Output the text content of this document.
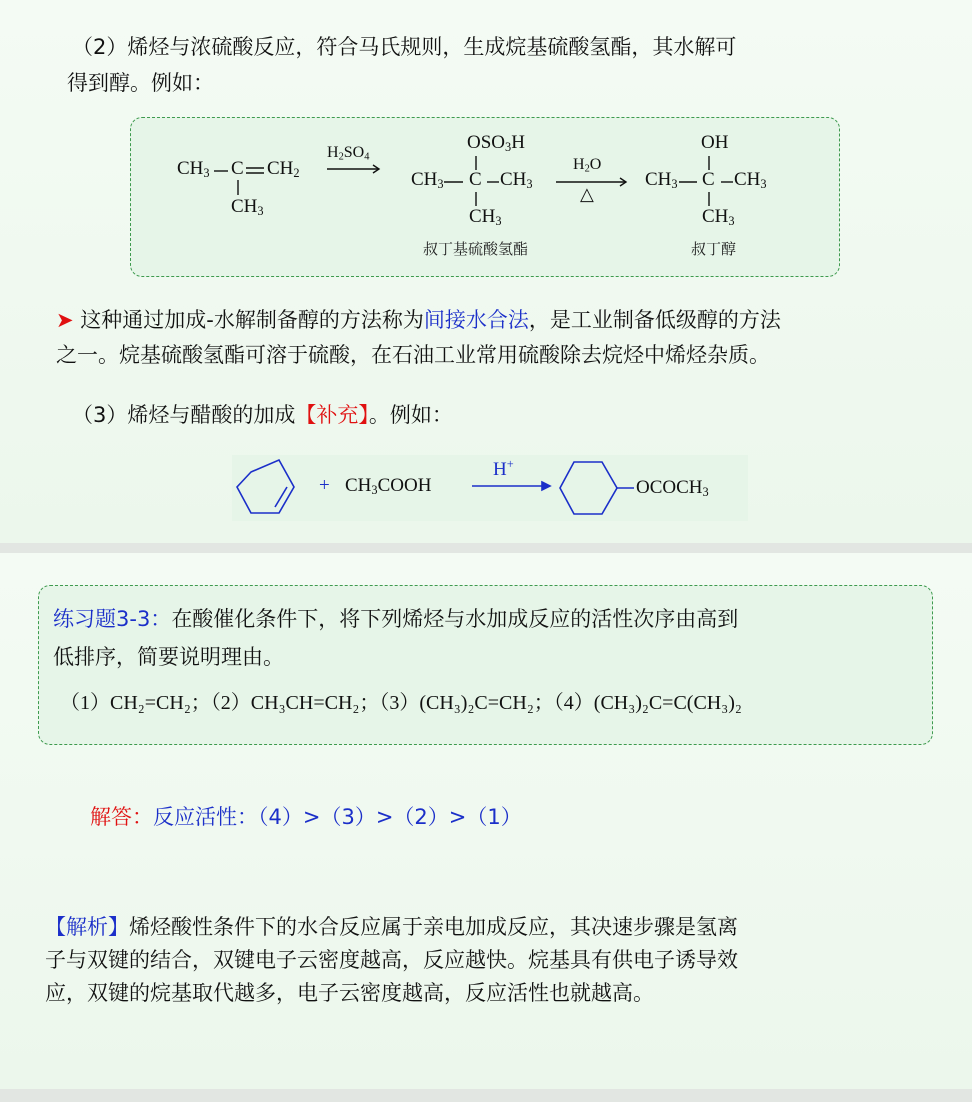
（2）烯烃与浓硫酸反应，符合马氏规则，生成烷基硫酸氢酯，其水解可
得到醇。例如：
$CH_3$ C $CH_2$
$CH_3$
$H_2SO_4$
$OSO_3H$
$CH_3$ C $CH_3$
$CH_3$
$H_2O$
△
OH
$CH_3$ C $CH_3$
$CH_3$
叔丁基硫酸氢酯	叔丁醇
➤ 这种通过加成-水解制备醇的方法称为间接水合法，是工业制备低级醇的方法
之一。烷基硫酸氢酯可溶于硫酸，在石油工业常用硫酸除去烷烃中烯烃杂质。
（3）烯烃与醋酸的加成【补充】。例如：
+ $CH_3COOH$
H+
$OCOCH_3$
练习题3-3：在酸催化条件下，将下列烯烃与水加成反应的活性次序由高到
低排序，简要说明理由。
（1）CH₂=CH₂；（2）CH₃CH=CH₂；（3）(CH₃)₂C=CH₂；（4）(CH₃)₂C=C(CH₃)₂
解答：反应活性：（4）>（3）>（2）>（1）
【解析】烯烃酸性条件下的水合反应属于亲电加成反应，其决速步骤是氢离
子与双键的结合，双键电子云密度越高，反应越快。烷基具有供电子诱导效
应，双键的烷基取代越多，电子云密度越高，反应活性也就越高。
